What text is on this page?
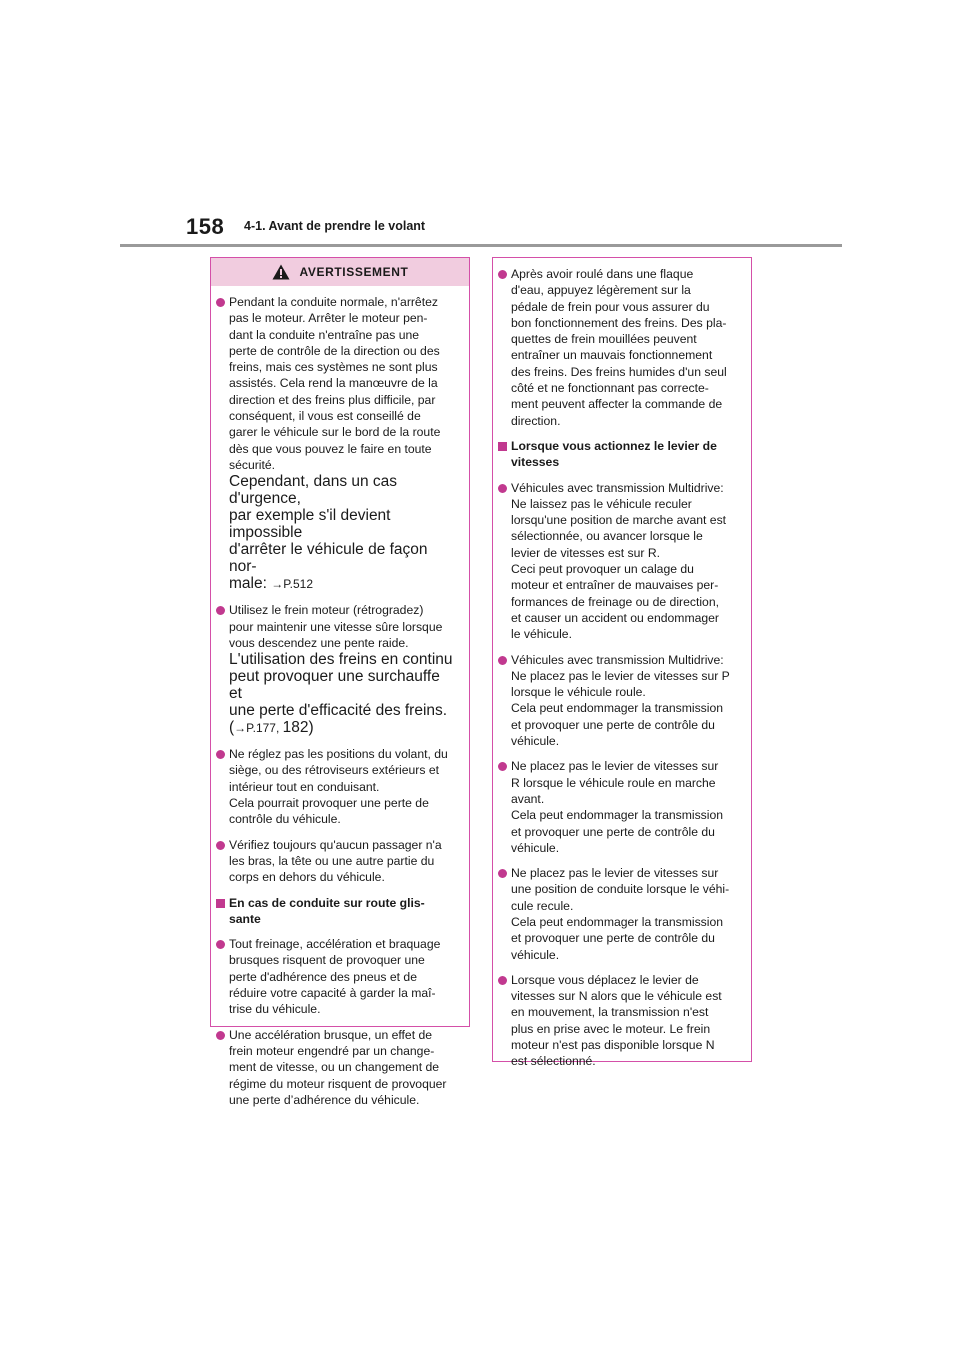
158 4-1. Avant de prendre le volant
AVERTISSEMENT
Pendant la conduite normale, n'arrêtez
pas le moteur. Arrêter le moteur pen-
dant la conduite n'entraîne pas une
perte de contrôle de la direction ou des
freins, mais ces systèmes ne sont plus
assistés. Cela rend la manœuvre de la
direction et des freins plus difficile, par
conséquent, il vous est conseillé de
garer le véhicule sur le bord de la route
dès que vous pouvez le faire en toute
sécurité.
Cependant, dans un cas d'urgence,
par exemple s'il devient impossible
d'arrêter le véhicule de façon nor-
male: →P.512
Utilisez le frein moteur (rétrogradez)
pour maintenir une vitesse sûre lorsque
vous descendez une pente raide.
L'utilisation des freins en continu
peut provoquer une surchauffe et
une perte d'efficacité des freins.
(→P.177, 182)
Ne réglez pas les positions du volant, du
siège, ou des rétroviseurs extérieurs et
intérieur tout en conduisant.
Cela pourrait provoquer une perte de
contrôle du véhicule.
Vérifiez toujours qu'aucun passager n'a
les bras, la tête ou une autre partie du
corps en dehors du véhicule.
En cas de conduite sur route glis-
sante
Tout freinage, accélération et braquage
brusques risquent de provoquer une
perte d'adhérence des pneus et de
réduire votre capacité à garder la maî-
trise du véhicule.
Une accélération brusque, un effet de
frein moteur engendré par un change-
ment de vitesse, ou un changement de
régime du moteur risquent de provoquer
une perte d’adhérence du véhicule.
Après avoir roulé dans une flaque
d'eau, appuyez légèrement sur la
pédale de frein pour vous assurer du
bon fonctionnement des freins. Des pla-
quettes de frein mouillées peuvent
entraîner un mauvais fonctionnement
des freins. Des freins humides d'un seul
côté et ne fonctionnant pas correcte-
ment peuvent affecter la commande de
direction.
Lorsque vous actionnez le levier de
vitesses
Véhicules avec transmission Multidrive:
Ne laissez pas le véhicule reculer
lorsqu'une position de marche avant est
sélectionnée, ou avancer lorsque le
levier de vitesses est sur R.
Ceci peut provoquer un calage du
moteur et entraîner de mauvaises per-
formances de freinage ou de direction,
et causer un accident ou endommager
le véhicule.
Véhicules avec transmission Multidrive:
Ne placez pas le levier de vitesses sur P
lorsque le véhicule roule.
Cela peut endommager la transmission
et provoquer une perte de contrôle du
véhicule.
Ne placez pas le levier de vitesses sur
R lorsque le véhicule roule en marche
avant.
Cela peut endommager la transmission
et provoquer une perte de contrôle du
véhicule.
Ne placez pas le levier de vitesses sur
une position de conduite lorsque le véhi-
cule recule.
Cela peut endommager la transmission
et provoquer une perte de contrôle du
véhicule.
Lorsque vous déplacez le levier de
vitesses sur N alors que le véhicule est
en mouvement, la transmission n'est
plus en prise avec le moteur. Le frein
moteur n'est pas disponible lorsque N
est sélectionné.
